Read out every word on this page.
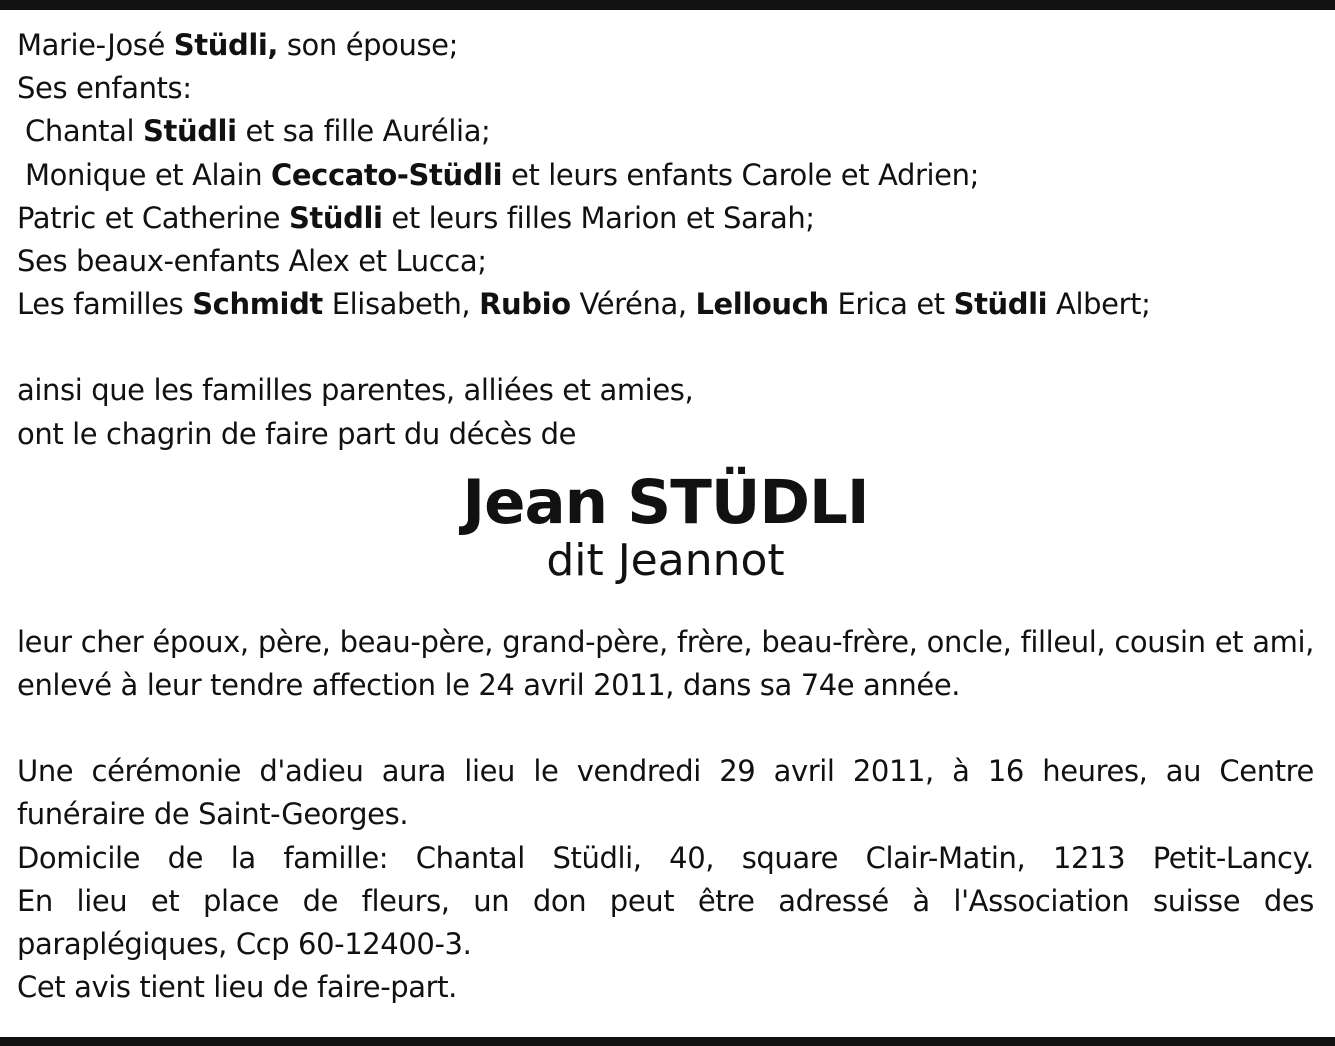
Marie-José Stüdli, son épouse;
Ses enfants:
Chantal Stüdli et sa fille Aurélia;
Monique et Alain Ceccato-Stüdli et leurs enfants Carole et Adrien;
Patric et Catherine Stüdli et leurs filles Marion et Sarah;
Ses beaux-enfants Alex et Lucca;
Les familles Schmidt Elisabeth, Rubio Véréna, Lellouch Erica et Stüdli Albert;
ainsi que les familles parentes, alliées et amies,
ont le chagrin de faire part du décès de
Jean STÜDLI
dit Jeannot
leur cher époux, père, beau-père, grand-père, frère, beau-frère, oncle, filleul, cousin et ami, enlevé à leur tendre affection le 24 avril 2011, dans sa 74e année.
Une cérémonie d'adieu aura lieu le vendredi 29 avril 2011, à 16 heures, au Centre funéraire de Saint-Georges.
Domicile de la famille: Chantal Stüdli, 40, square Clair-Matin, 1213 Petit-Lancy.
En lieu et place de fleurs, un don peut être adressé à l'Association suisse des paraplégiques, Ccp 60-12400-3.
Cet avis tient lieu de faire-part.
